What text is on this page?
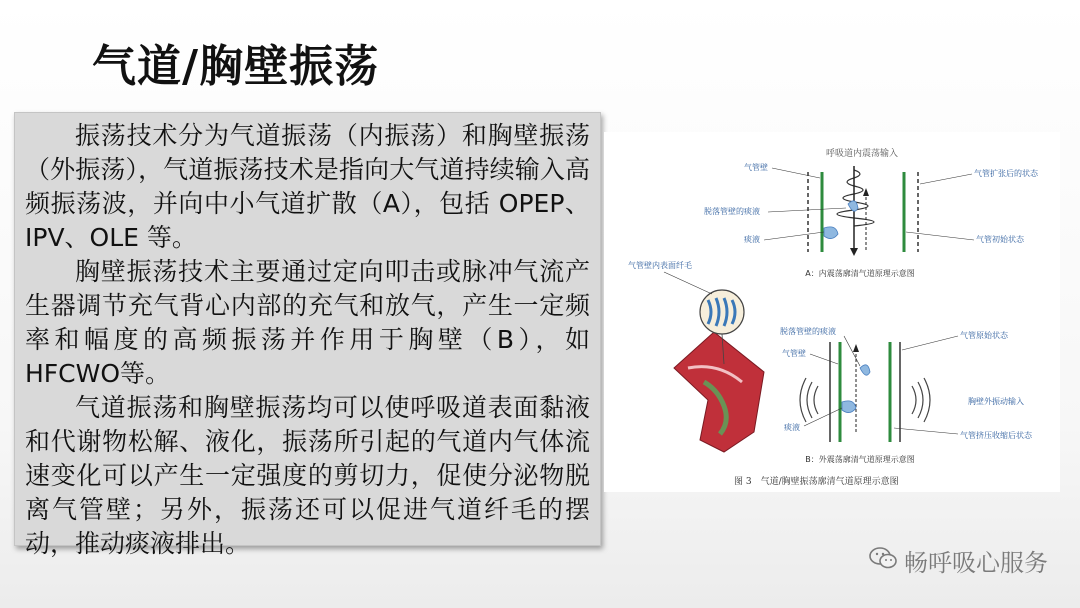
气道/胸壁振荡

振荡技术分为气道振荡（内振荡）和胸壁振荡（外振荡），气道振荡技术是指向大气道持续输入高频振荡波，并向中小气道扩散（A），包括 OPEP、IPV、OLE 等。

胸壁振荡技术主要通过定向叩击或脉冲气流产生器调节充气背心内部的充气和放气，产生一定频率和幅度的高频振荡并作用于胸壁（B），如HFCWO等。

气道振荡和胸壁振荡均可以使呼吸道表面黏液和代谢物松解、液化，振荡所引起的气道内气体流速变化可以产生一定强度的剪切力，促使分泌物脱离气管壁；另外，振荡还可以促进气道纤毛的摆动，推动痰液排出。

呼吸道内震荡输入
气管壁
脱落管壁的痰液
痰液
气管扩张后的状态
气管初始状态
A：内震荡廓清气道原理示意图
气管壁内表面纤毛
脱落管壁的痰液
气管壁
痰液
气管原始状态
胸壁外振动输入
气管挤压收缩后状态
B：外震荡廓清气道原理示意图
图 3　气道/胸壁振荡廓清气道原理示意图
畅呼吸心服务
